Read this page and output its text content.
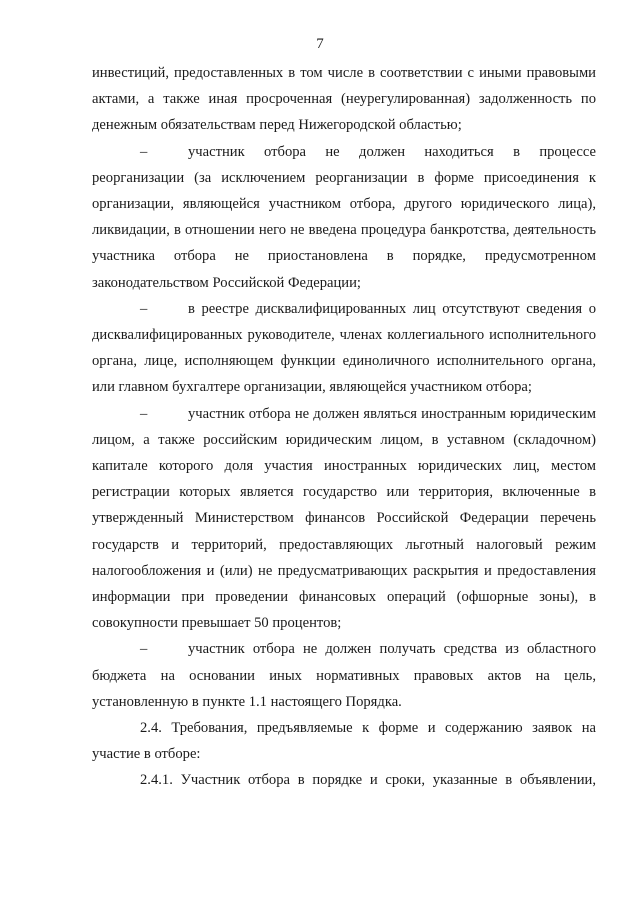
7

инвестиций, предоставленных в том числе в соответствии с иными правовыми актами, а также иная просроченная (неурегулированная) задолженность по денежным обязательствам перед Нижегородской областью;

–	участник отбора не должен находиться в процессе реорганизации (за исключением реорганизации в форме присоединения к организации, являющейся участником отбора, другого юридического лица), ликвидации, в отношении него не введена процедура банкротства, деятельность участника отбора не приостановлена в порядке, предусмотренном законодательством Российской Федерации;

–	в реестре дисквалифицированных лиц отсутствуют сведения о дисквалифицированных руководителе, членах коллегиального исполнительного органа, лице, исполняющем функции единоличного исполнительного органа, или главном бухгалтере организации, являющейся участником отбора;

–	участник отбора не должен являться иностранным юридическим лицом, а также российским юридическим лицом, в уставном (складочном) капитале которого доля участия иностранных юридических лиц, местом регистрации которых является государство или территория, включенные в утвержденный Министерством финансов Российской Федерации перечень государств и территорий, предоставляющих льготный налоговый режим налогообложения и (или) не предусматривающих раскрытия и предоставления информации при проведении финансовых операций (офшорные зоны), в совокупности превышает 50 процентов;

–	участник отбора не должен получать средства из областного бюджета на основании иных нормативных правовых актов на цель, установленную в пункте 1.1 настоящего Порядка.

2.4. Требования, предъявляемые к форме и содержанию заявок на участие в отборе:

2.4.1. Участник отбора в порядке и сроки, указанные в объявлении,
